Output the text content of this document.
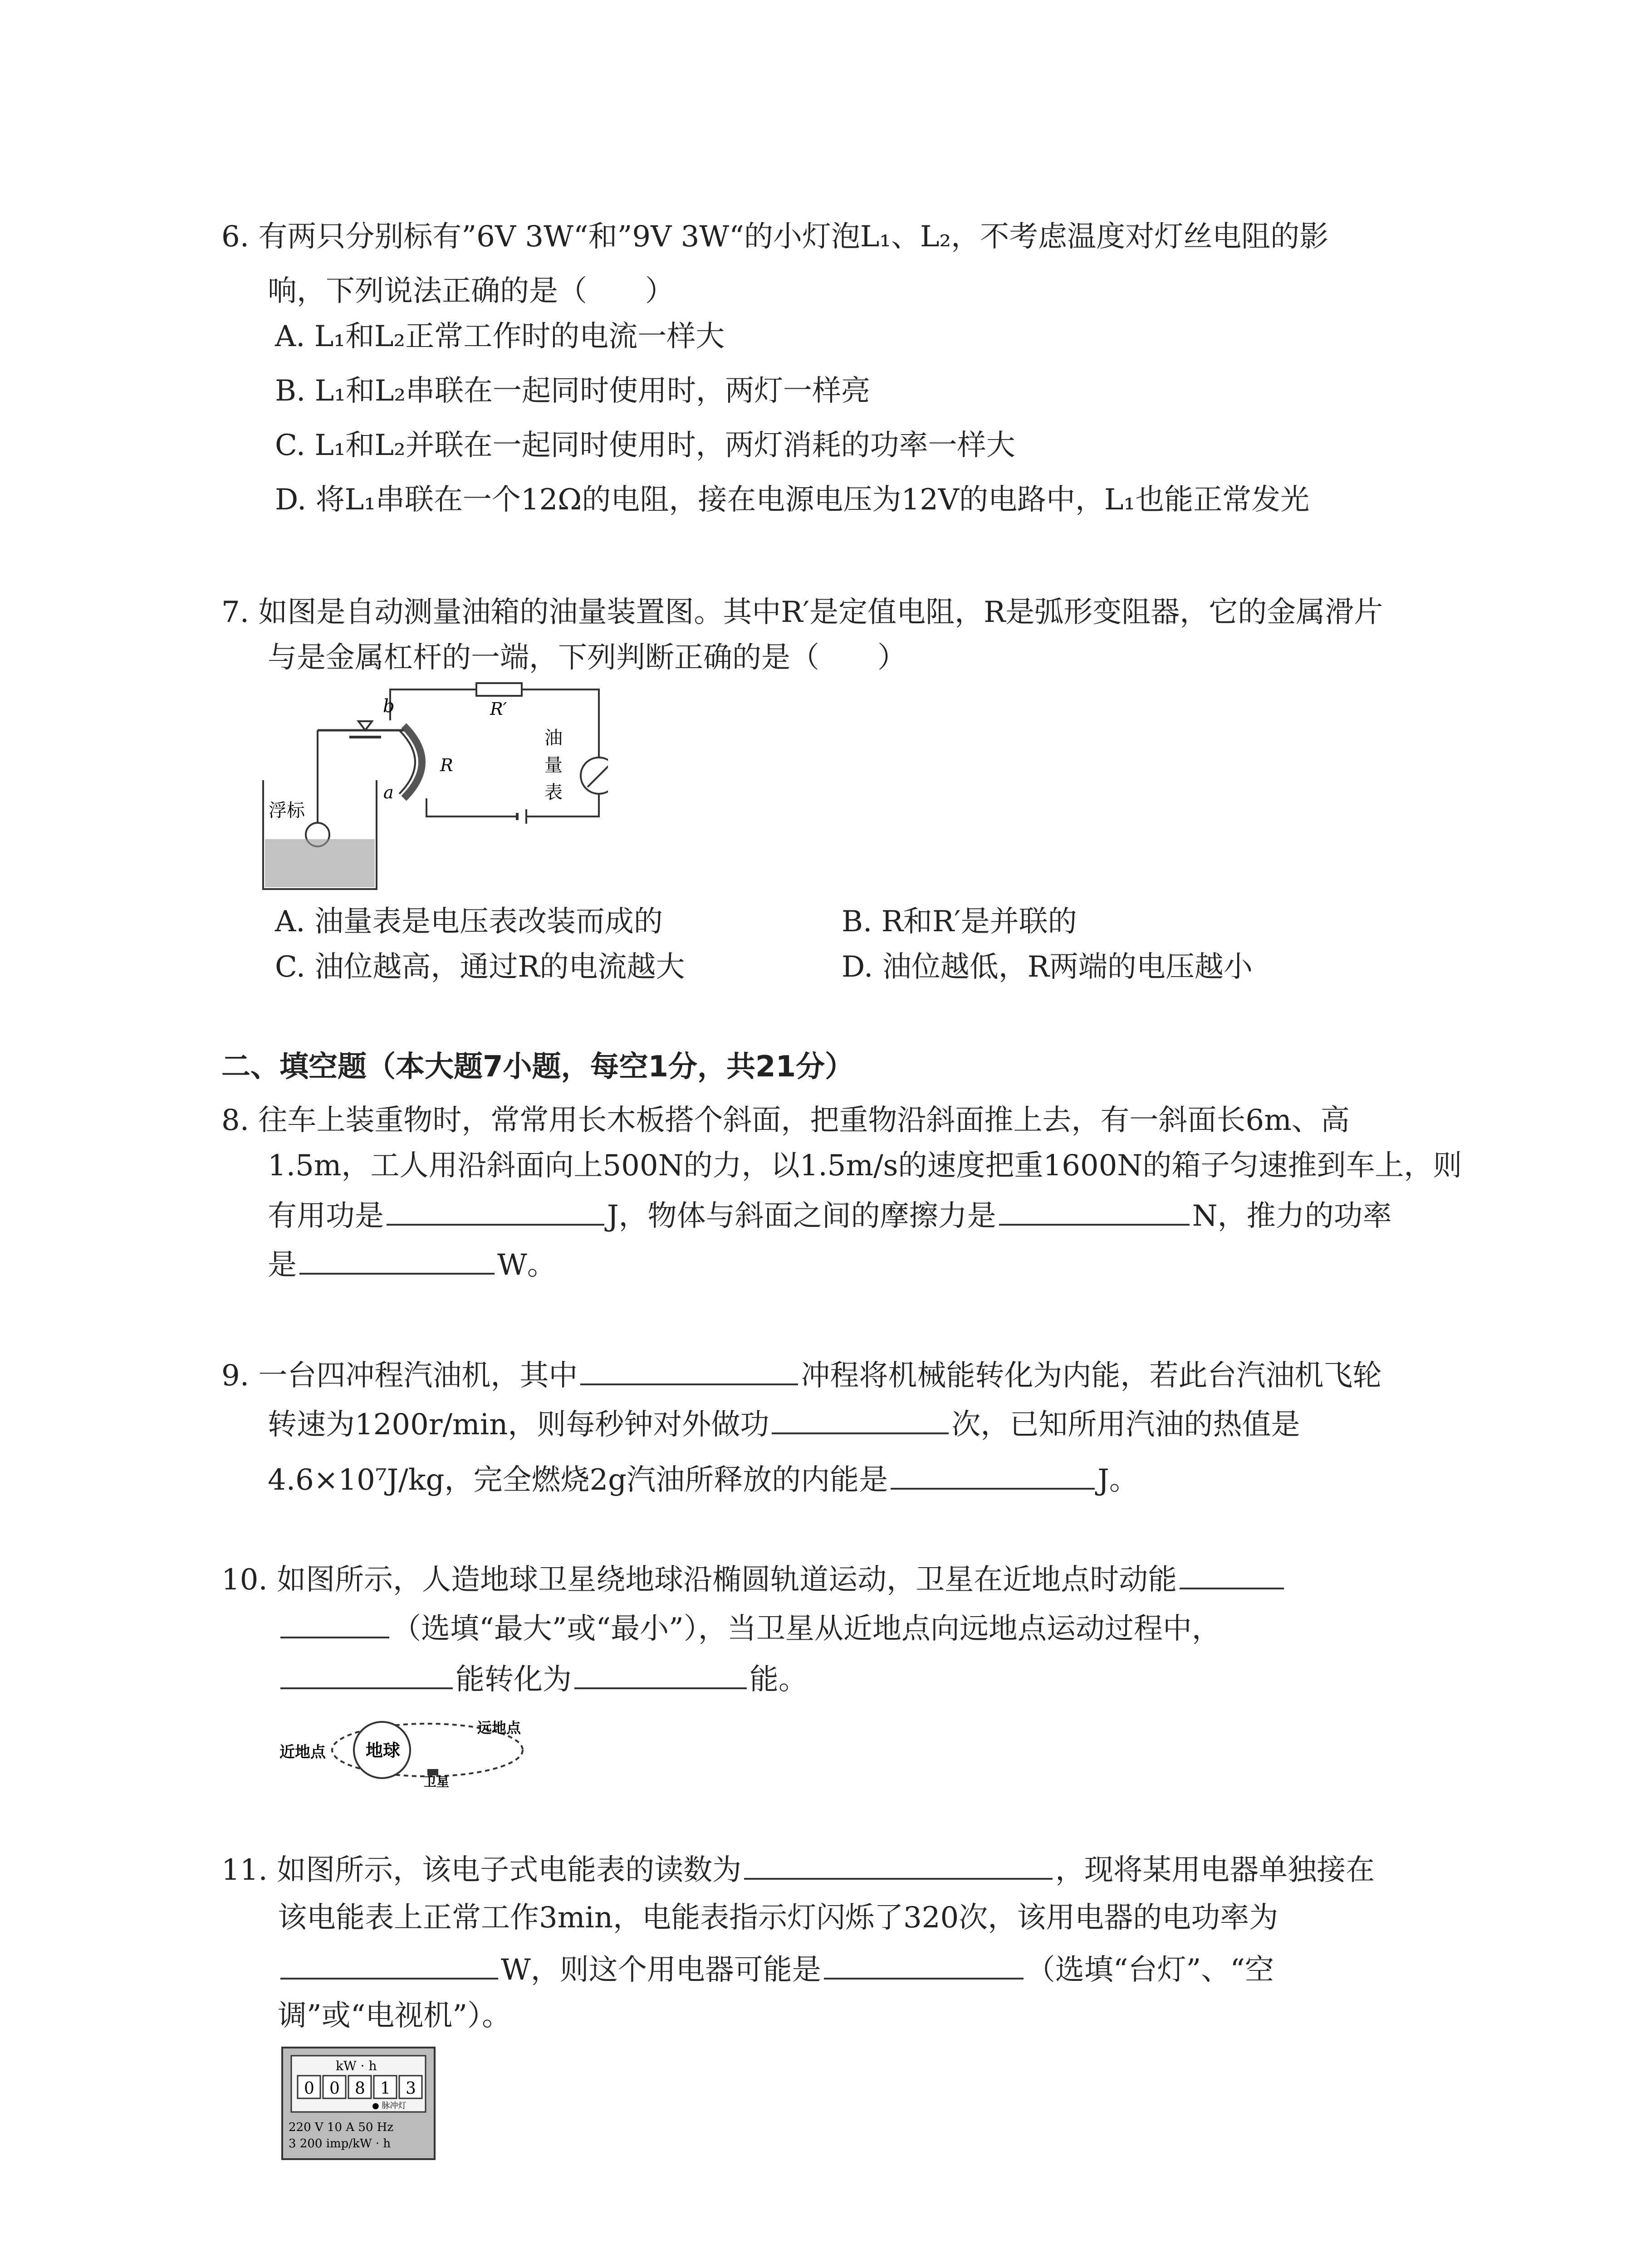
6. 有两只分别标有”6V 3W“和”9V 3W“的小灯泡L₁、L₂，不考虑温度对灯丝电阻的影
响，下列说法正确的是（　　）
A. L₁和L₂正常工作时的电流一样大
B. L₁和L₂串联在一起同时使用时，两灯一样亮
C. L₁和L₂并联在一起同时使用时，两灯消耗的功率一样大
D. 将L₁串联在一个12Ω的电阻，接在电源电压为12V的电路中，L₁也能正常发光
7. 如图是自动测量油箱的油量装置图。其中R′是定值电阻，R是弧形变阻器，它的金属滑片
与是金属杠杆的一端，下列判断正确的是（　　）
b	R′
R
a
油
量
表
浮标
A. 油量表是电压表改装而成的	B. R和R′是并联的
C. 油位越高，通过R的电流越大	D. 油位越低，R两端的电压越小
二、填空题（本大题7小题，每空1分，共21分）
8. 往车上装重物时，常常用长木板搭个斜面，把重物沿斜面推上去，有一斜面长6m、高
1.5m，工人用沿斜面向上500N的力，以1.5m/s的速度把重1600N的箱子匀速推到车上，则
有用功是	J，物体与斜面之间的摩擦力是	N，推力的功率
是	W。
9. 一台四冲程汽油机，其中	冲程将机械能转化为内能，若此台汽油机飞轮
转速为1200r/min，则每秒钟对外做功	次，已知所用汽油的热值是
4.6×10⁷J/kg，完全燃烧2g汽油所释放的内能是	J。
10. 如图所示，人造地球卫星绕地球沿椭圆轨道运动，卫星在近地点时动能
（选填“最大”或“最小”），当卫星从近地点向远地点运动过程中，
能转化为	能。
近地点 地球
远地点
卫星
11. 如图所示，该电子式电能表的读数为	，现将某用电器单独接在
该电能表上正常工作3min，电能表指示灯闪烁了320次，该用电器的电功率为
W，则这个用电器可能是	（选填“台灯”、“空
调”或“电视机”）。
kW · h
0 0 8 1 3
● 脉冲灯
220 V 10 A 50 Hz
3 200 imp/kW · h
